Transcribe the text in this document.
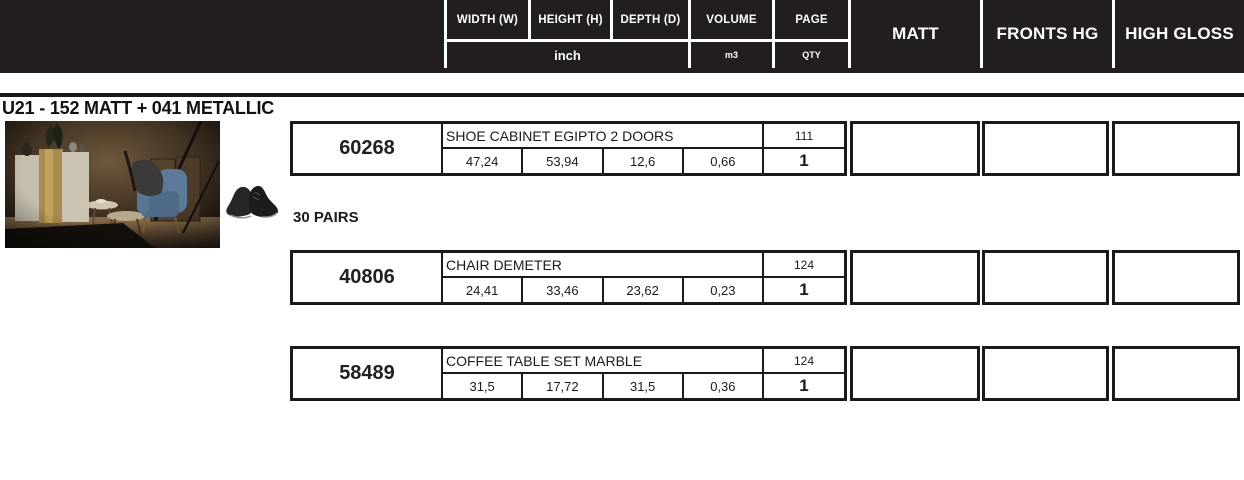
WIDTH (W)	HEIGHT (H)	DEPTH (D)	VOLUME	PAGE
inch	m3	QTY
MATT	FRONTS HG	HIGH GLOSS
U21 - 152 MATT + 041 METALLIC
30 PAIRS
60268
SHOE CABINET EGIPTO 2 DOORS	111
47,24	53,94	12,6	0,66	1
40806
CHAIR DEMETER	124
24,41	33,46	23,62	0,23	1
58489
COFFEE TABLE SET MARBLE	124
31,5	17,72	31,5	0,36	1
